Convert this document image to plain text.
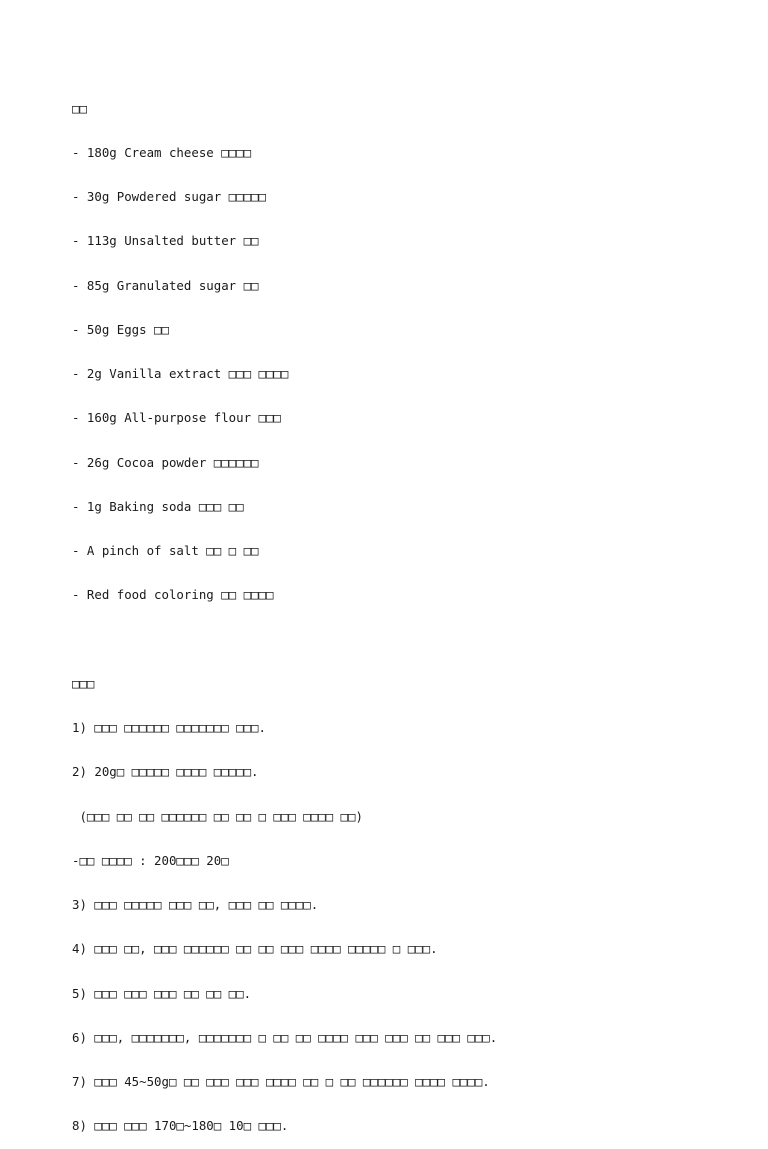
□□

- 180g Cream cheese □□□□

- 30g Powdered sugar □□□□□

- 113g Unsalted butter □□

- 85g Granulated sugar □□

- 50g Eggs □□

- 2g Vanilla extract □□□ □□□□

- 160g All-purpose flour □□□

- 26g Cocoa powder □□□□□□

- 1g Baking soda □□□ □□

- A pinch of salt □□ □ □□

- Red food coloring □□ □□□□

□□□

1) □□□ □□□□□□ □□□□□□□ □□□.

2) 20g□ □□□□□ □□□□ □□□□□.

(□□□ □□ □□ □□□□□□ □□ □□ □ □□□ □□□□ □□)

-□□ □□□□ : 200□□□ 20□

3) □□□ □□□□□ □□□ □□, □□□ □□ □□□□.

4) □□□ □□, □□□ □□□□□□ □□ □□ □□□ □□□□ □□□□□ □ □□□.

5) □□□ □□□ □□□ □□ □□ □□.

6) □□□, □□□□□□□, □□□□□□□ □ □□ □□ □□□□ □□□ □□□ □□ □□□ □□□.

7) □□□ 45~50g□ □□ □□□ □□□ □□□□ □□ □ □□ □□□□□□ □□□□ □□□□.

8) □□□ □□□ 170□~180□ 10□ □□□.
